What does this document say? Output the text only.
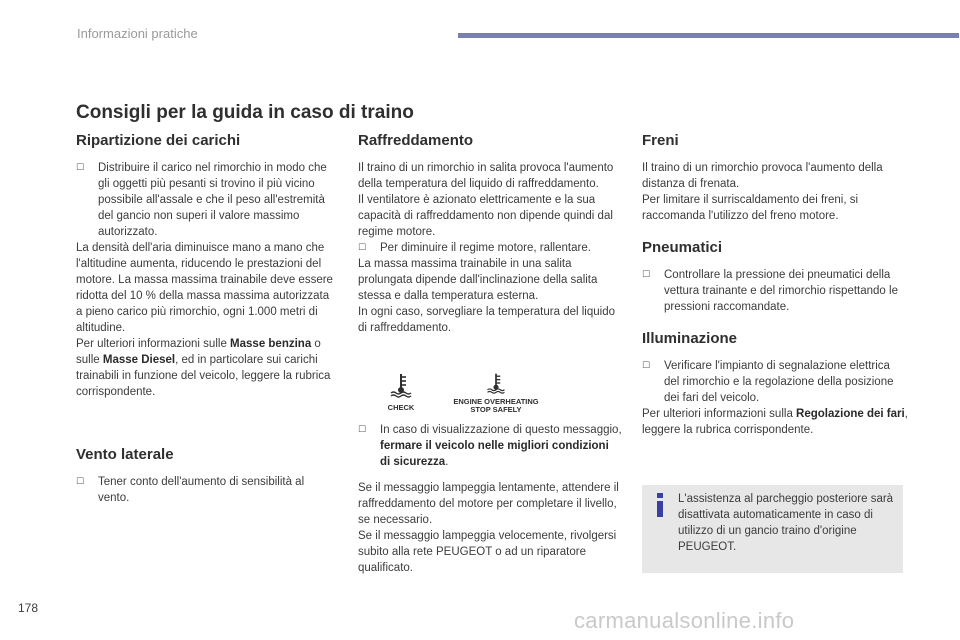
Informazioni pratiche
Consigli per la guida in caso di traino
Ripartizione dei carichi
☐ Distribuire il carico nel rimorchio in modo che gli oggetti più pesanti si trovino il più vicino possibile all'assale e che il peso all'estremità del gancio non superi il valore massimo autorizzato.

La densità dell'aria diminuisce mano a mano che l'altitudine aumenta, riducendo le prestazioni del motore. La massa massima trainabile deve essere ridotta del 10 % della massa massima autorizzata a pieno carico più rimorchio, ogni 1.000 metri di altitudine.

Per ulteriori informazioni sulle Masse benzina o sulle Masse Diesel, ed in particolare sui carichi trainabili in funzione del veicolo, leggere la rubrica corrispondente.

Vento laterale
☐ Tener conto dell'aumento di sensibilità al vento.
Raffreddamento

Il traino di un rimorchio in salita provoca l'aumento della temperatura del liquido di raffreddamento.

Il ventilatore è azionato elettricamente e la sua capacità di raffreddamento non dipende quindi dal regime motore.

☐ Per diminuire il regime motore, rallentare.

La massa massima trainabile in una salita prolungata dipende dall'inclinazione della salita stessa e dalla temperatura esterna.

In ogni caso, sorvegliare la temperatura del liquido di raffreddamento.

☐ In caso di visualizzazione di questo messaggio, fermare il veicolo nelle migliori condizioni di sicurezza.

Se il messaggio lampeggia lentamente, attendere il raffreddamento del motore per completare il livello, se necessario.

Se il messaggio lampeggia velocemente, rivolgersi subito alla rete PEUGEOT o ad un riparatore qualificato.

CHECK
ENGINE OVERHEATING
STOP SAFELY
Freni

Il traino di un rimorchio provoca l'aumento della distanza di frenata.

Per limitare il surriscaldamento dei freni, si raccomanda l'utilizzo del freno motore.

Pneumatici
☐ Controllare la pressione dei pneumatici della vettura trainante e del rimorchio rispettando le pressioni raccomandate.
Illuminazione
☐ Verificare l'impianto di segnalazione elettrica del rimorchio e la regolazione della posizione dei fari del veicolo.

Per ulteriori informazioni sulla Regolazione dei fari, leggere la rubrica corrispondente.

L'assistenza al parcheggio posteriore sarà disattivata automaticamente in caso di utilizzo di un gancio traino d'origine PEUGEOT.
178	carmanualsonline.info
